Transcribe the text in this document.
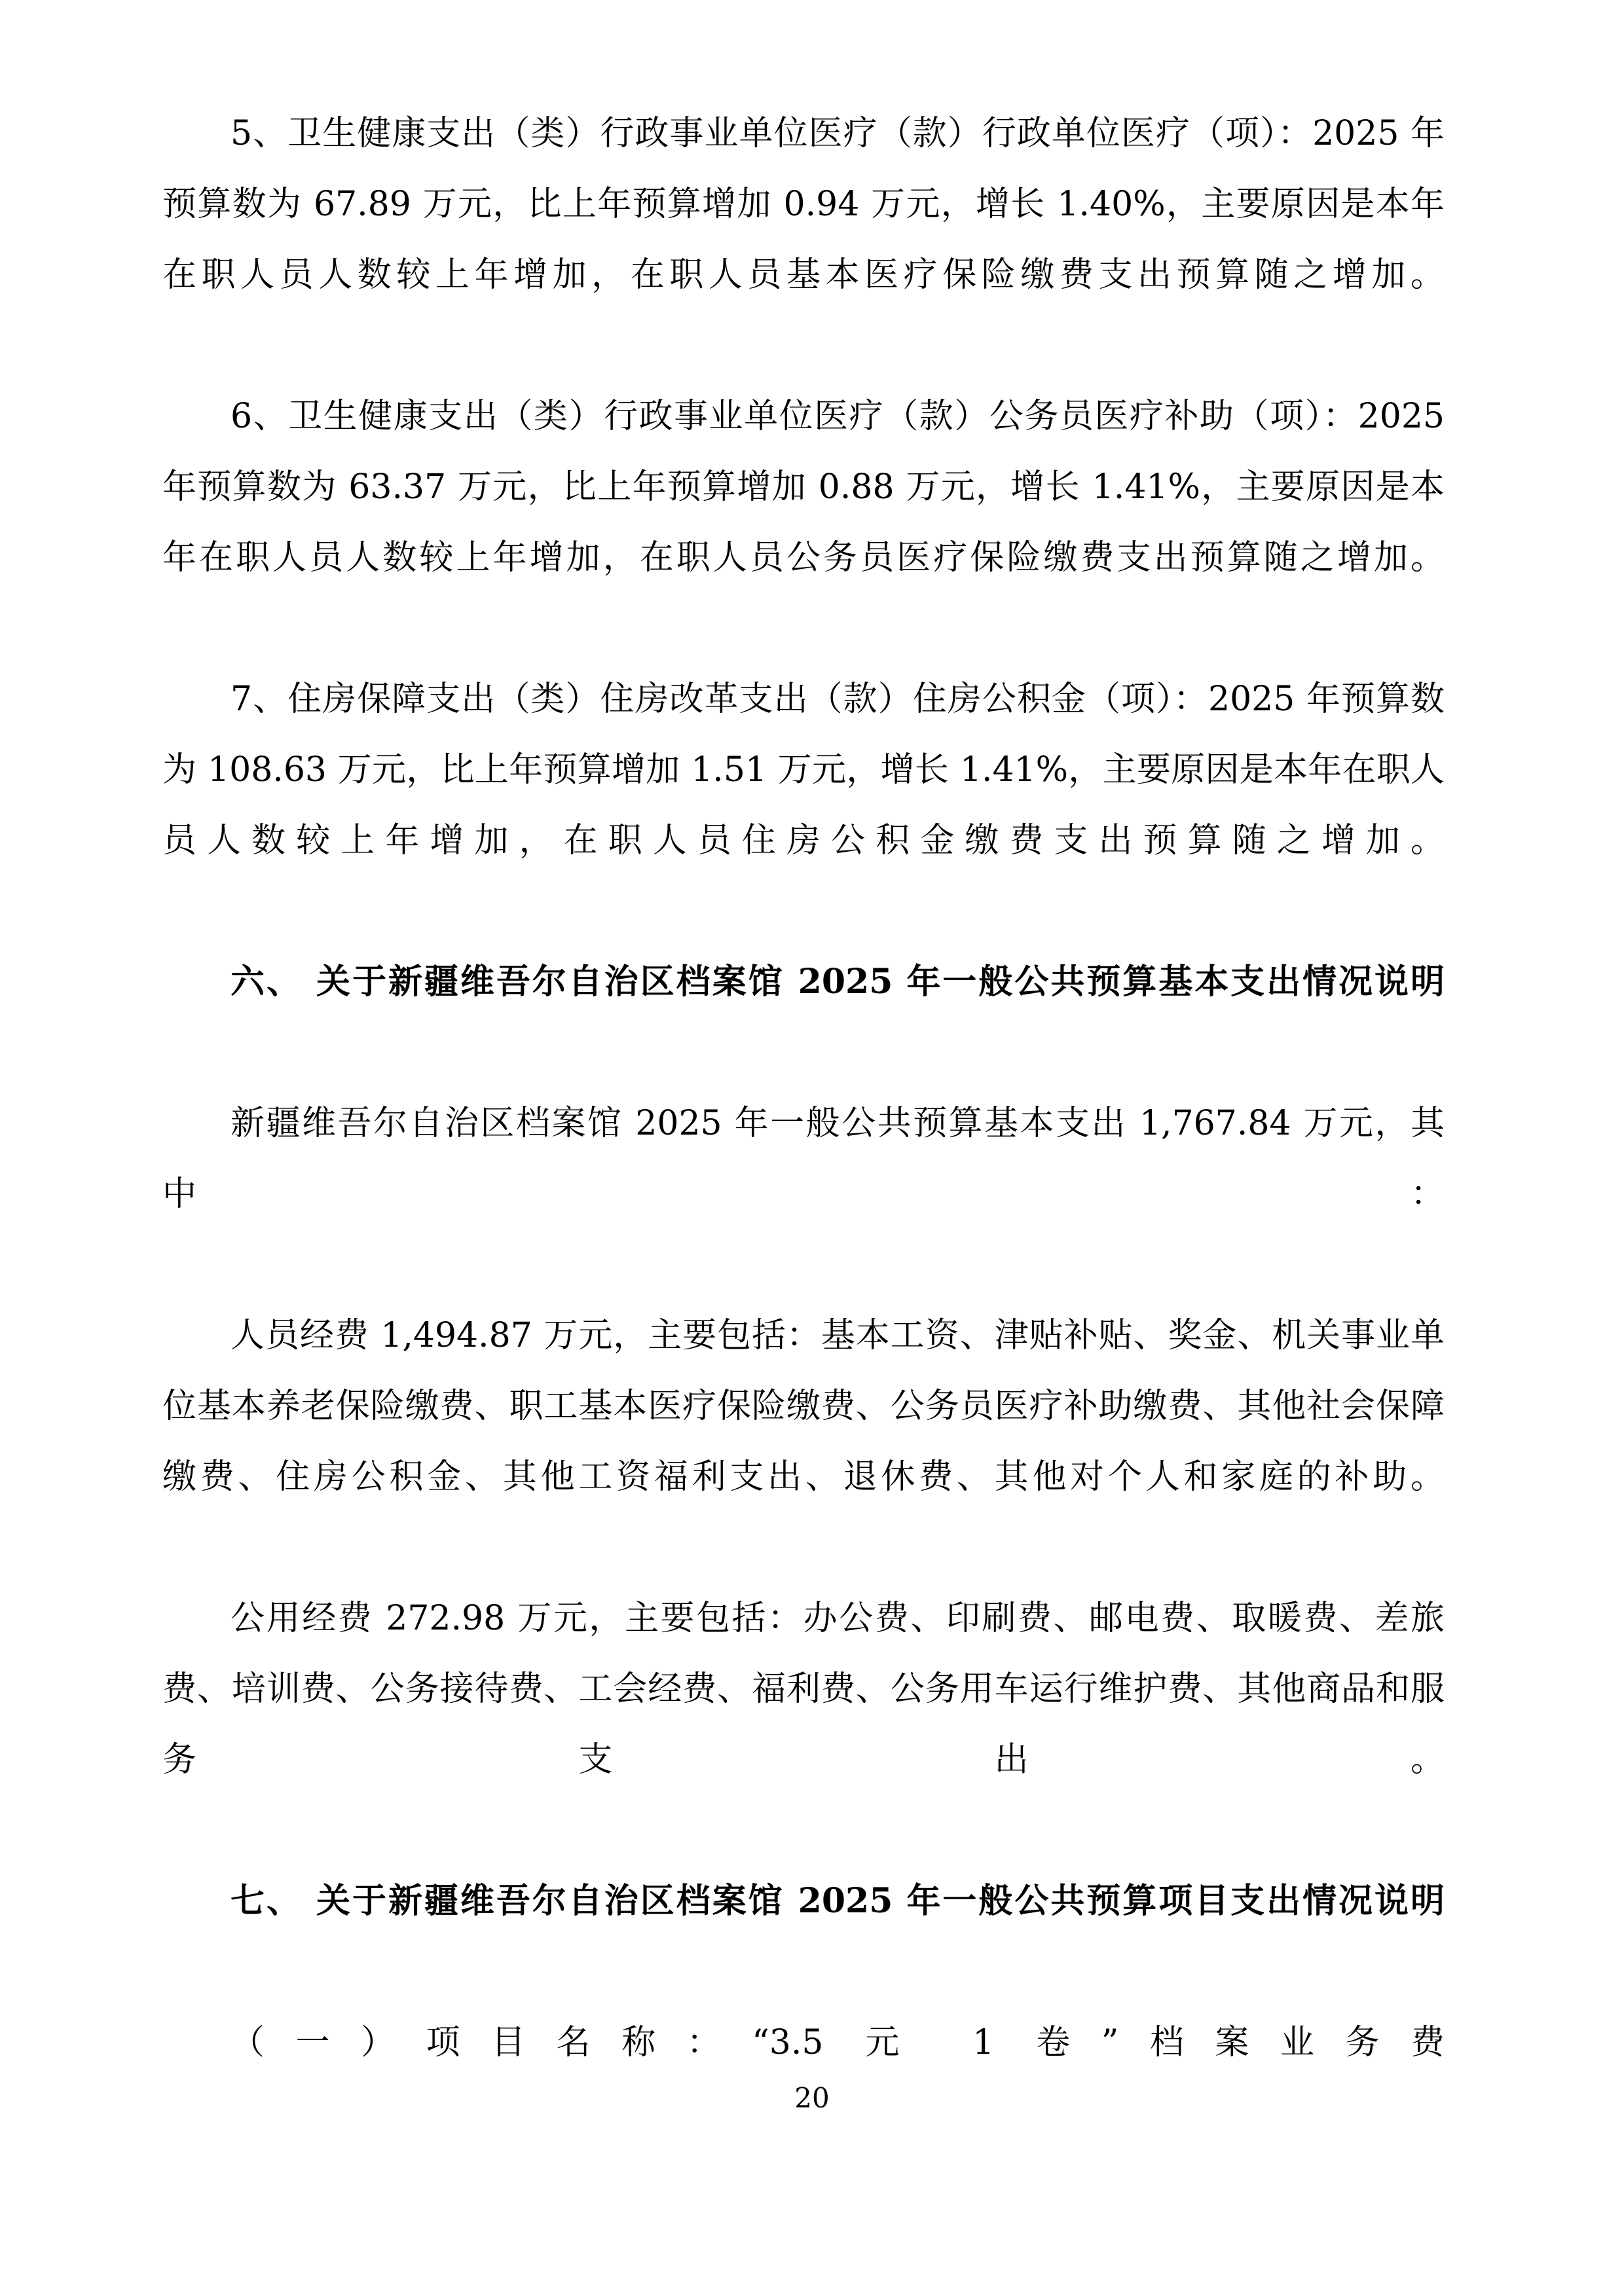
5、卫生健康支出（类）行政事业单位医疗（款）行政单位医疗（项）：2025 年预算数为 67.89 万元，比上年预算增加 0.94 万元，增长 1.40%，主要原因是本年在职人员人数较上年增加，在职人员基本医疗保险缴费支出预算随之增加。

6、卫生健康支出（类）行政事业单位医疗（款）公务员医疗补助（项）：2025 年预算数为 63.37 万元，比上年预算增加 0.88 万元，增长 1.41%，主要原因是本年在职人员人数较上年增加，在职人员公务员医疗保险缴费支出预算随之增加。

7、住房保障支出（类）住房改革支出（款）住房公积金（项）：2025 年预算数为 108.63 万元，比上年预算增加 1.51 万元，增长 1.41%，主要原因是本年在职人员人数较上年增加，在职人员住房公积金缴费支出预算随之增加。

六、 关于新疆维吾尔自治区档案馆 2025 年一般公共预算基本支出情况说明

新疆维吾尔自治区档案馆 2025 年一般公共预算基本支出 1,767.84 万元，其中：

人员经费 1,494.87 万元，主要包括：基本工资、津贴补贴、奖金、机关事业单位基本养老保险缴费、职工基本医疗保险缴费、公务员医疗补助缴费、其他社会保障缴费、住房公积金、其他工资福利支出、退休费、其他对个人和家庭的补助。

公用经费 272.98 万元，主要包括：办公费、印刷费、邮电费、取暖费、差旅费、培训费、公务接待费、工会经费、福利费、公务用车运行维护费、其他商品和服务支出。

七、 关于新疆维吾尔自治区档案馆 2025 年一般公共预算项目支出情况说明

（一）项目名称：“3.5 元 1 卷”档案业务费

20
